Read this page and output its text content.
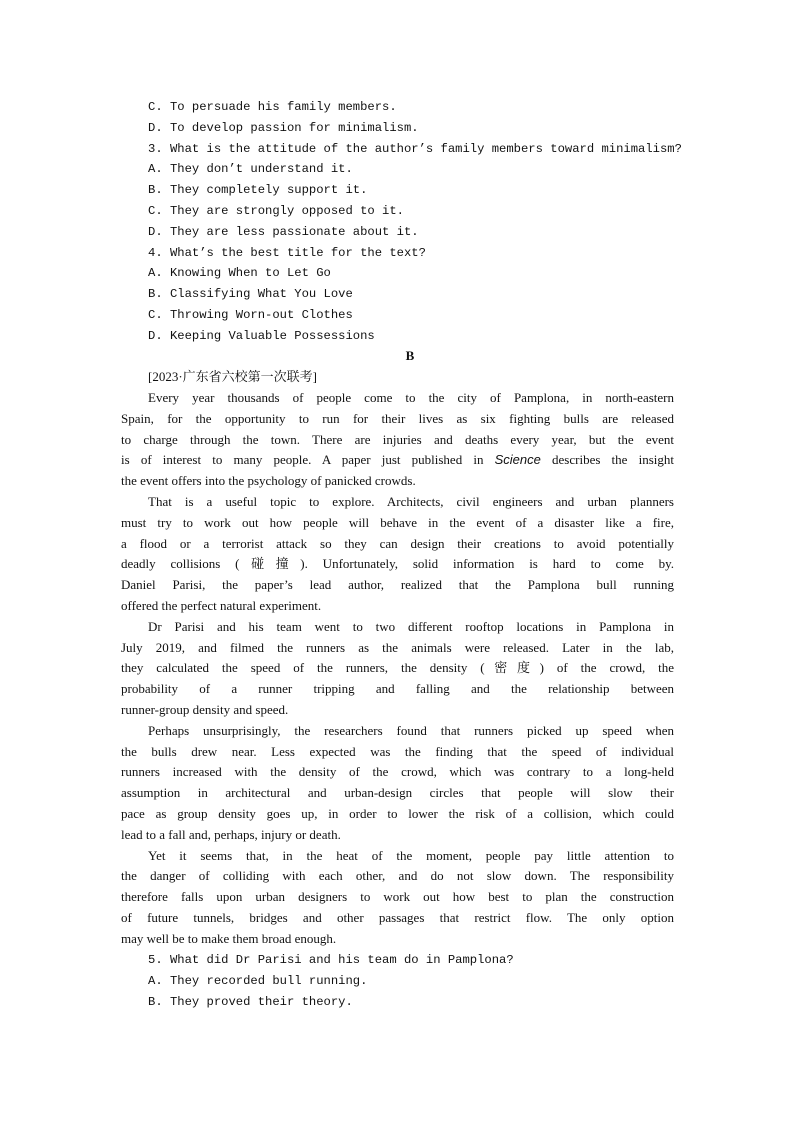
C. To persuade his family members.
D. To develop passion for minimalism.
3. What is the attitude of the author’s family members toward minimalism?
A. They don’t understand it.
B. They completely support it.
C. They are strongly opposed to it.
D. They are less passionate about it.
4. What’s the best title for the text?
A. Knowing When to Let Go
B. Classifying What You Love
C. Throwing Worn-out Clothes
D. Keeping Valuable Possessions
B
[2023·广东省六校第一次联考]
Every year thousands of people come to the city of Pamplona, in north-eastern
Spain, for the opportunity to run for their lives as six fighting bulls are released
to charge through the town. There are injuries and deaths every year, but the event
is of interest to many people. A paper just published in Science describes the insight
the event offers into the psychology of panicked crowds.
That is a useful topic to explore. Architects, civil engineers and urban planners
must try to work out how people will behave in the event of a disaster like a fire,
a flood or a terrorist attack so they can design their creations to avoid potentially
deadly collisions (碰撞). Unfortunately, solid information is hard to come by.
Daniel Parisi, the paper’s lead author, realized that the Pamplona bull running
offered the perfect natural experiment.
Dr Parisi and his team went to two different rooftop locations in Pamplona in
July 2019, and filmed the runners as the animals were released. Later in the lab,
they calculated the speed of the runners, the density (密度) of the crowd, the
probability of a runner tripping and falling and the relationship between
runner-group density and speed.
Perhaps unsurprisingly, the researchers found that runners picked up speed when
the bulls drew near. Less expected was the finding that the speed of individual
runners increased with the density of the crowd, which was contrary to a long-held
assumption in architectural and urban-design circles that people will slow their
pace as group density goes up, in order to lower the risk of a collision, which could
lead to a fall and, perhaps, injury or death.
Yet it seems that, in the heat of the moment, people pay little attention to
the danger of colliding with each other, and do not slow down. The responsibility
therefore falls upon urban designers to work out how best to plan the construction
of future tunnels, bridges and other passages that restrict flow. The only option
may well be to make them broad enough.
5. What did Dr Parisi and his team do in Pamplona?
A. They recorded bull running.
B. They proved their theory.
